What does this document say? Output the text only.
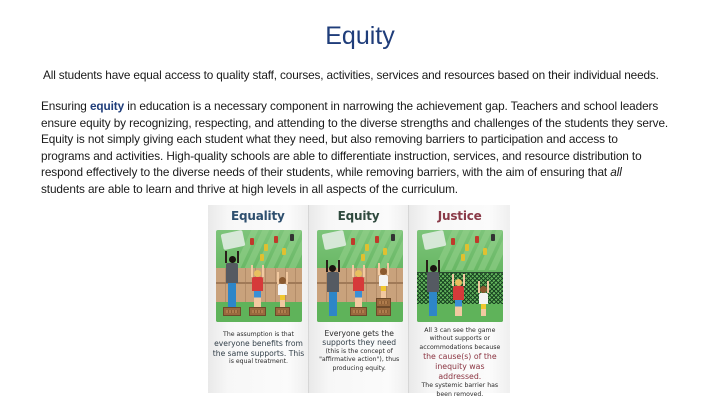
Equity
All students have equal access to quality staff, courses, activities, services and resources based on their individual needs.
Ensuring equity in education is a necessary component in narrowing the achievement gap. Teachers and school leaders
ensure equity by recognizing, respecting, and attending to the diverse strengths and challenges of the students they serve.
Equity is not simply giving each student what they need, but also removing barriers to participation and access to
programs and activities. High-quality schools are able to differentiate instruction, services, and resource distribution to
respond effectively to the diverse needs of their students, while removing barriers, with the aim of ensuring that all
students are able to learn and thrive at high levels in all aspects of the curriculum.
Equality
The assumption is that
everyone benefits from
the same supports. This
is equal treatment.
Equity
Everyone gets the
supports they need
(this is the concept of
"affirmative action"), thus
producing equity.
Justice
All 3 can see the game
without supports or
accommodations because
the cause(s) of the
inequity was addressed.
The systemic barrier has
been removed.
